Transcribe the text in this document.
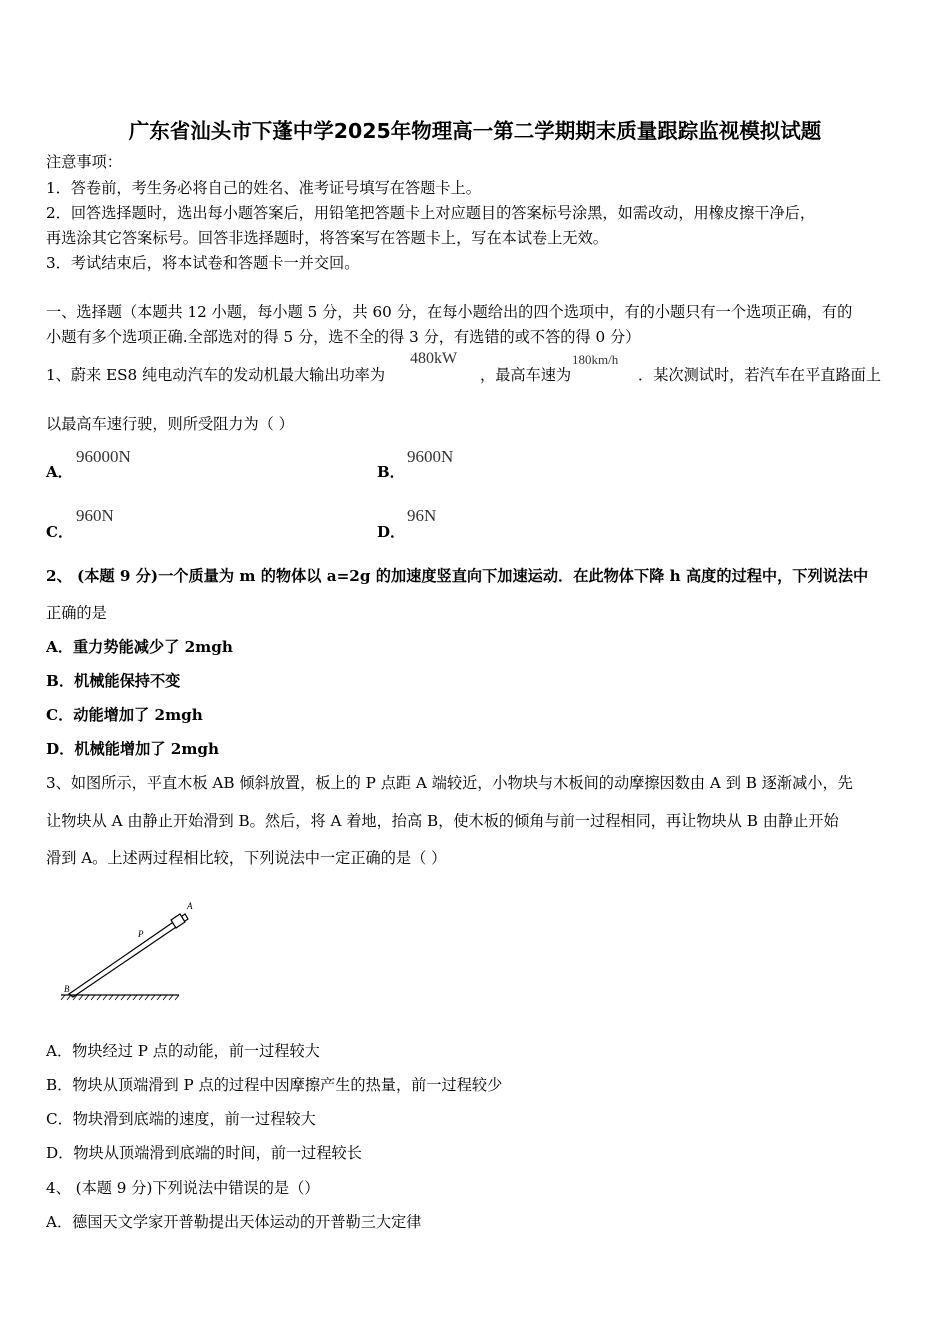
广东省汕头市下蓬中学2025年物理高一第二学期期末质量跟踪监视模拟试题
注意事项：
1．答卷前，考生务必将自己的姓名、准考证号填写在答题卡上。
2．回答选择题时，选出每小题答案后，用铅笔把答题卡上对应题目的答案标号涂黑，如需改动，用橡皮擦干净后，
再选涂其它答案标号。回答非选择题时，将答案写在答题卡上，写在本试卷上无效。
3．考试结束后，将本试卷和答题卡一并交回。
一、选择题（本题共 12 小题，每小题 5 分，共 60 分，在每小题给出的四个选项中，有的小题只有一个选项正确，有的
小题有多个选项正确.全部选对的得 5 分，选不全的得 3 分，有选错的或不答的得 0 分）
1、蔚来 ES8 纯电动汽车的发动机最大输出功率为
480kW
，最高车速为
180km/h
．某次测试时，若汽车在平直路面上
以最高车速行驶，则所受阻力为（ ）
A．
96000N
B．
9600N
C．
960N
D．
96N
2、 (本题 9 分)一个质量为 m 的物体以 a=2g 的加速度竖直向下加速运动．在此物体下降 h 高度的过程中，下列说法中
正确的是
A．重力势能减少了 2mgh
B．机械能保持不变
C．动能增加了 2mgh
D．机械能增加了 2mgh
3、如图所示，平直木板 AB 倾斜放置，板上的 P 点距 A 端较近，小物块与木板间的动摩擦因数由 A 到 B 逐渐减小，先
让物块从 A 由静止开始滑到 B。然后，将 A 着地，抬高 B，使木板的倾角与前一过程相同，再让物块从 B 由静止开始
滑到 A。上述两过程相比较，下列说法中一定正确的是（ ）
A
P
B
A．物块经过 P 点的动能，前一过程较大
B．物块从顶端滑到 P 点的过程中因摩擦产生的热量，前一过程较少
C．物块滑到底端的速度，前一过程较大
D．物块从顶端滑到底端的时间，前一过程较长
4、 (本题 9 分)下列说法中错误的是（）
A．德国天文学家开普勒提出天体运动的开普勒三大定律
